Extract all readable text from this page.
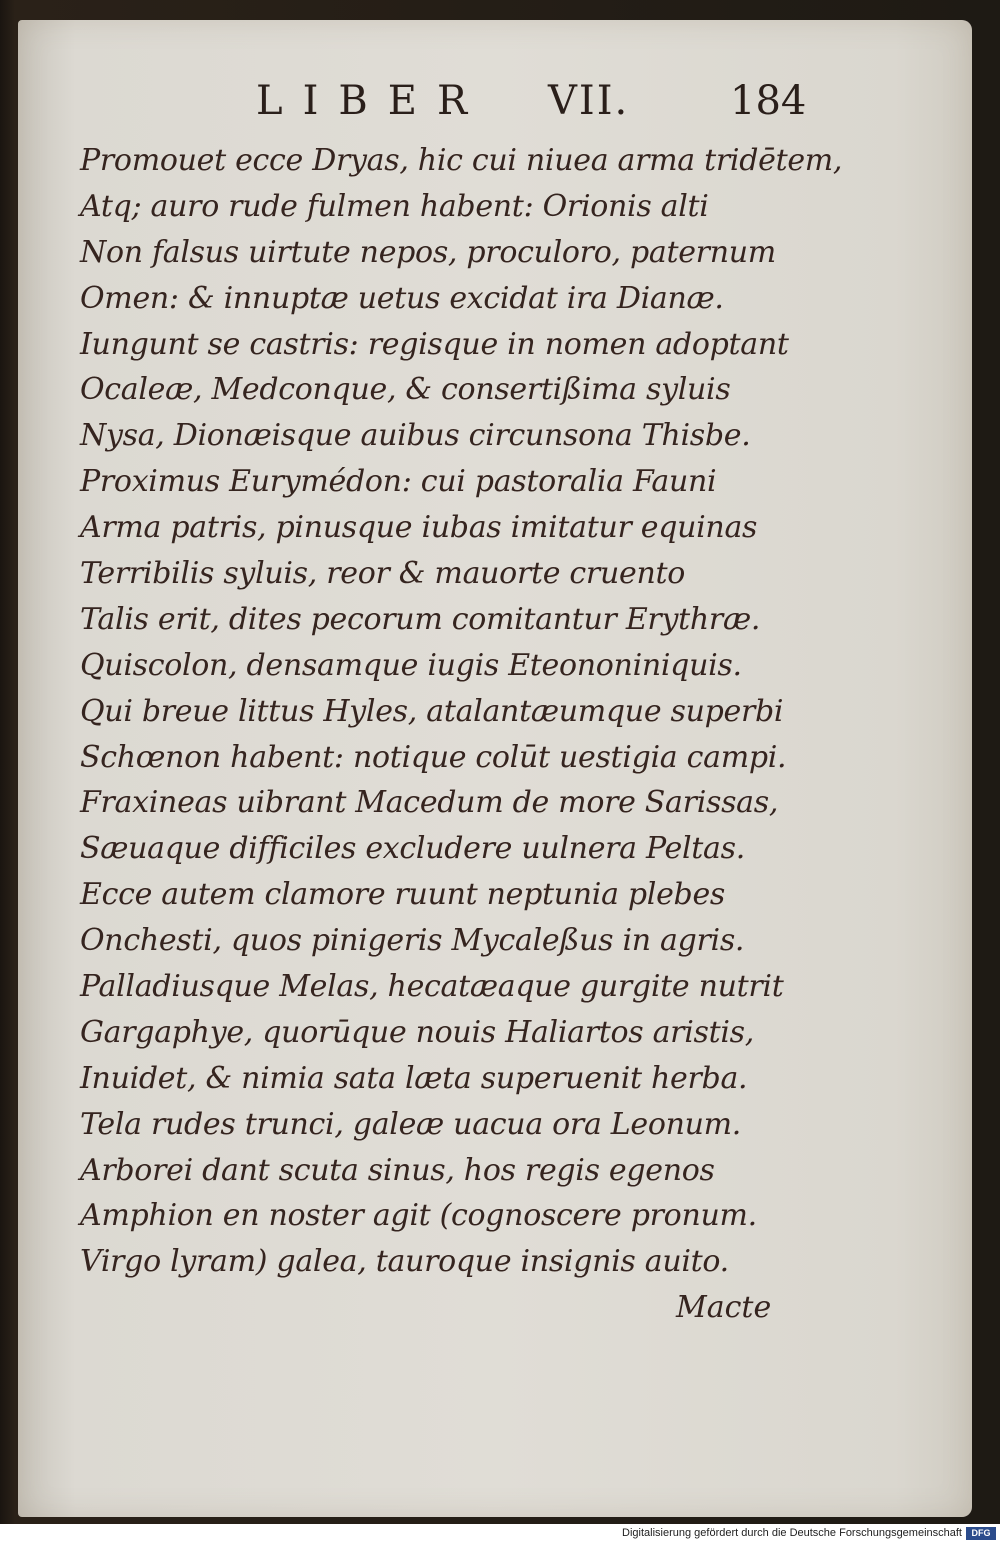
LIBER VII.	184
Promouet ecce Dryas, hic cui niuea arma tridētem,
Atq; auro rude fulmen habent: Orionis alti
Non falsus uirtute nepos, proculoro, paternum
Omen: & innuptæ uetus excidat ira Dianæ.
Iungunt se castris: regisque in nomen adoptant
Ocaleæ, Medconque, & consertißima syluis
Nysa, Dionæisque auibus circunsona Thisbe.
Proximus Eurymédon: cui pastoralia Fauni
Arma patris, pinusque iubas imitatur equinas
Terribilis syluis, reor & mauorte cruento
Talis erit, dites pecorum comitantur Erythræ.
Quiscolon, densamque iugis Eteononiniquis.
Qui breue littus Hyles, atalantæumque superbi
Schœnon habent: notique colūt uestigia campi.
Fraxineas uibrant Macedum de more Sarissas,
Sæuaque difficiles excludere uulnera Peltas.
Ecce autem clamore ruunt neptunia plebes
Onchesti, quos pinigeris Mycaleßus in agris.
Palladiusque Melas, hecatæaque gurgite nutrit
Gargaphye, quorūque nouis Haliartos aristis,
Inuidet, & nimia sata læta superuenit herba.
Tela rudes trunci, galeæ uacua ora Leonum.
Arborei dant scuta sinus, hos regis egenos
Amphion en noster agit (cognoscere pronum.
Virgo lyram) galea, tauroque insignis auito.
Macte
Digitalisierung gefördert durch die Deutsche Forschungsgemeinschaft	DFG
